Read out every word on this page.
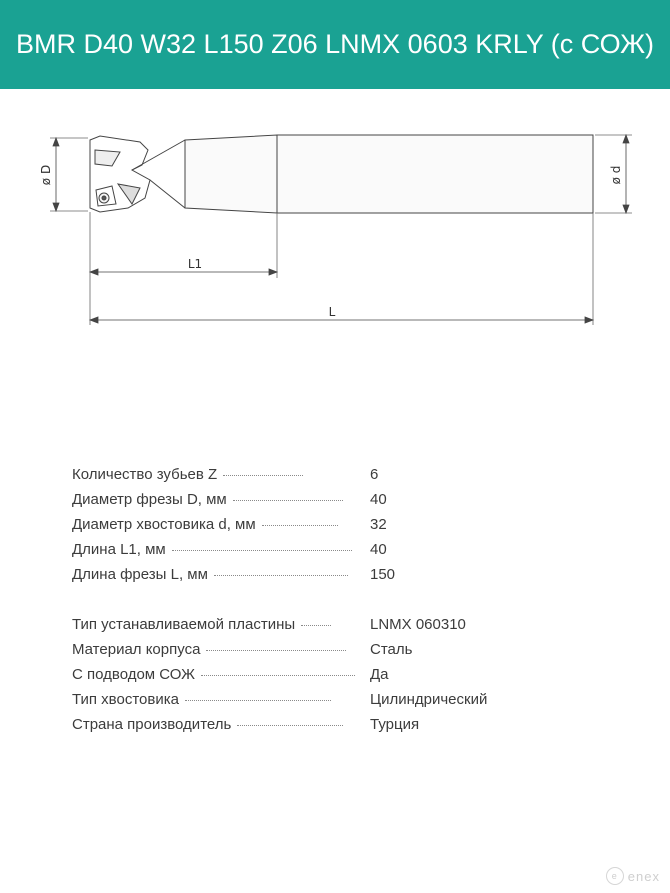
BMR D40 W32 L150 Z06 LNMX 0603 KRLY (с СОЖ)
ø D	ø d
L1
L
Количество зубьев Z	6
Диаметр фрезы D, мм	40
Диаметр хвостовика d, мм	32
Длина L1, мм	40
Длина фрезы L, мм	150
Тип устанавливаемой пластины	LNMX 060310
Материал корпуса	Сталь
С подводом СОЖ	Да
Тип хвостовика	Цилиндрический
Страна производитель	Турция
e enex
